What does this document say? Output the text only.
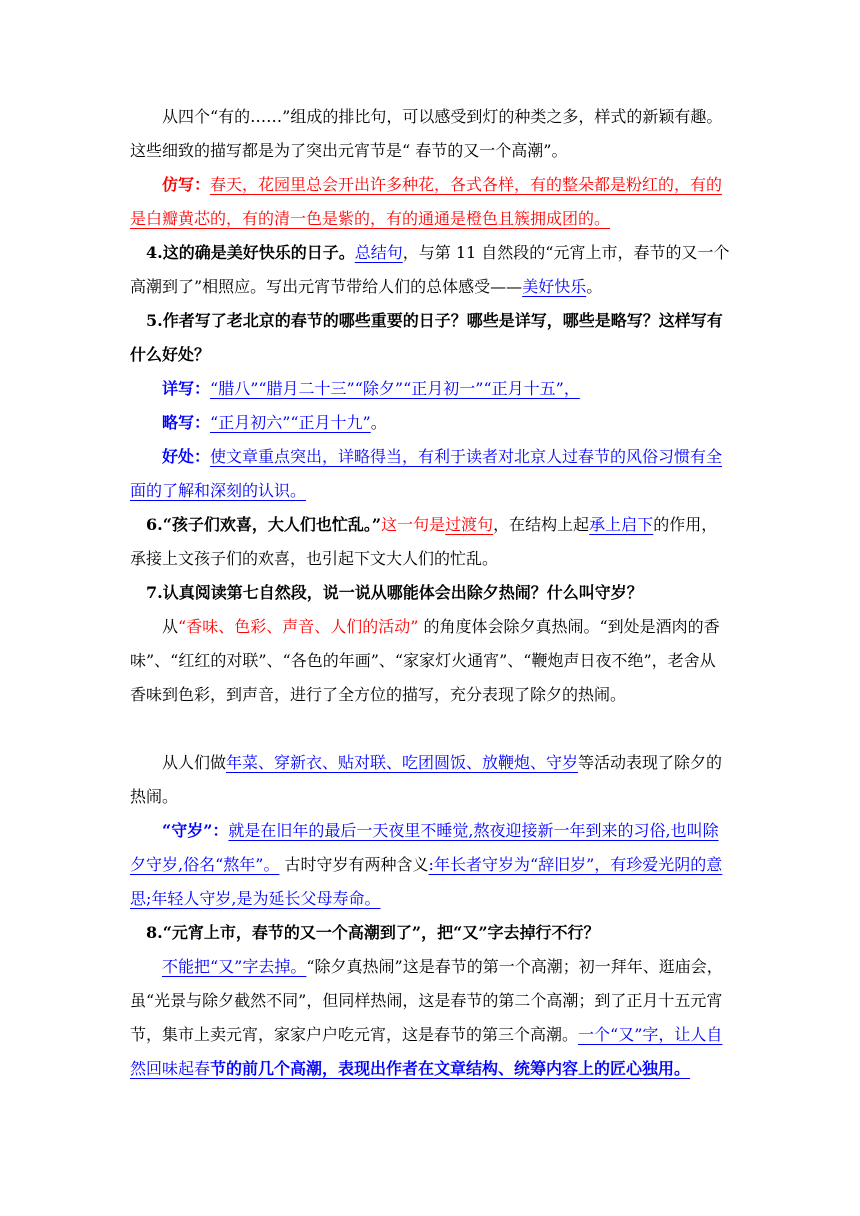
从四个“有的……”组成的排比句，可以感受到灯的种类之多，样式的新颖有趣。这些细致的描写都是为了突出元宵节是“ 春节的又一个高潮”。

仿写：春天，花园里总会开出许多种花，各式各样，有的整朵都是粉红的，有的是白瓣黄芯的，有的清一色是紫的，有的通通是橙色且簇拥成团的。

4.这的确是美好快乐的日子。总结句，与第 11 自然段的“元宵上市，春节的又一个高潮到了”相照应。写出元宵节带给人们的总体感受——美好快乐。

5.作者写了老北京的春节的哪些重要的日子？哪些是详写，哪些是略写？这样写有什么好处？

详写：“腊八”“腊月二十三”“除夕”“正月初一”“正月十五”，

略写：“正月初六”“正月十九”。

好处：使文章重点突出，详略得当，有利于读者对北京人过春节的风俗习惯有全面的了解和深刻的认识。

6.“孩子们欢喜，大人们也忙乱。”这一句是过渡句，在结构上起承上启下的作用，承接上文孩子们的欢喜，也引起下文大人们的忙乱。

7.认真阅读第七自然段，说一说从哪能体会出除夕热闹？什么叫守岁？

从“香味、色彩、声音、人们的活动” 的角度体会除夕真热闹。“到处是酒肉的香味”、“红红的对联”、“各色的年画”、“家家灯火通宵”、“鞭炮声日夜不绝”，老舍从香味到色彩，到声音，进行了全方位的描写，充分表现了除夕的热闹。

从人们做年菜、穿新衣、贴对联、吃团圆饭、放鞭炮、守岁等活动表现了除夕的热闹。

“守岁”：就是在旧年的最后一天夜里不睡觉,熬夜迎接新一年到来的习俗,也叫除夕守岁,俗名“熬年”。 古时守岁有两种含义:年长者守岁为“辞旧岁”，有珍爱光阴的意思;年轻人守岁,是为延长父母寿命。

8.“元宵上市，春节的又一个高潮到了”，把“又”字去掉行不行？

不能把“又”字去掉。“除夕真热闹”这是春节的第一个高潮；初一拜年、逛庙会，虽“光景与除夕截然不同”，但同样热闹，这是春节的第二个高潮；到了正月十五元宵节，集市上卖元宵，家家户户吃元宵，这是春节的第三个高潮。一个“又”字，让人自然回味起春节的前几个高潮，表现出作者在文章结构、统筹内容上的匠心独用。
